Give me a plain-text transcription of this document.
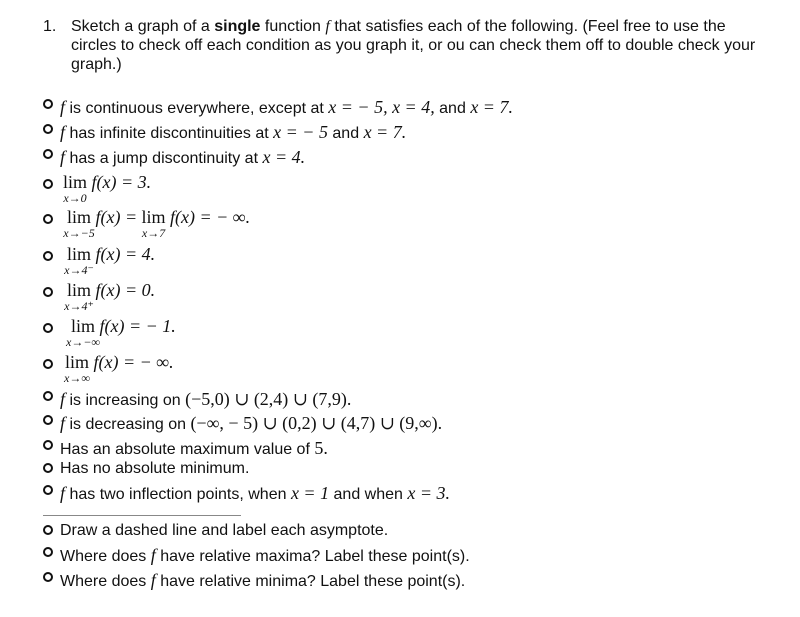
1. Sketch a graph of a single function f that satisfies each of the following. (Feel free to use the circles to check off each condition as you graph it, or ou can check them off to double check your graph.)
f is continuous everywhere, except at x = − 5, x = 4, and x = 7.
f has infinite discontinuities at x = − 5 and x = 7.
f has a jump discontinuity at x = 4.
lim
x→0
f(x) = 3.
lim
x→−5
f(x) = lim
x→7
f(x) = − ∞.
lim
x→4⁻
f(x) = 4.
lim
x→4⁺
f(x) = 0.
lim
x→−∞
f(x) = − 1.
lim
x→∞
f(x) = − ∞.
f is increasing on (−5,0) ∪ (2,4) ∪ (7,9).
f is decreasing on (−∞, − 5) ∪ (0,2) ∪ (4,7) ∪ (9,∞).
Has an absolute maximum value of 5.
Has no absolute minimum.
f has two inflection points, when x = 1 and when x = 3.
Draw a dashed line and label each asymptote.
Where does f have relative maxima? Label these point(s).
Where does f have relative minima? Label these point(s).
